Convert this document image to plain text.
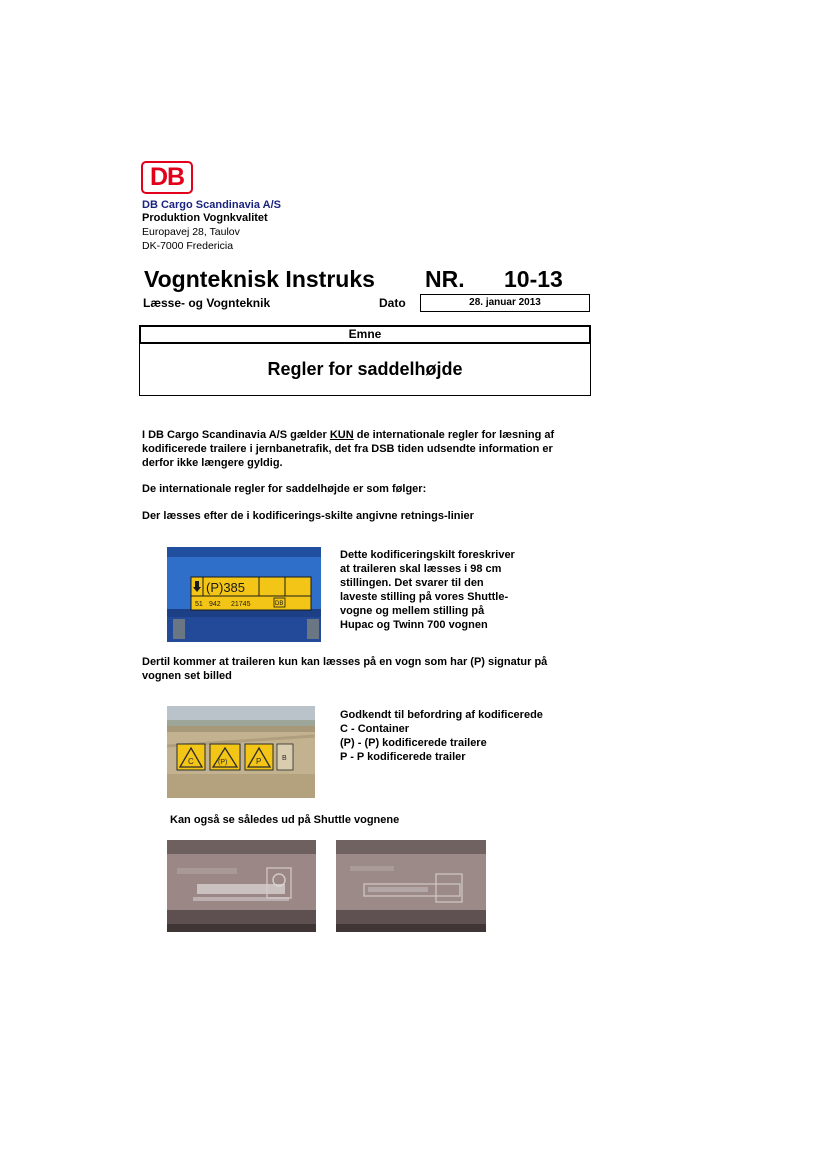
DB
DB Cargo Scandinavia A/S
Produktion Vognkvalitet
Europavej 28, Taulov
DK-7000 Fredericia
Vognteknisk Instruks NR. 10-13
Læsse- og Vognteknik	Dato	28. januar 2013
Emne
Regler for saddelhøjde
I DB Cargo Scandinavia A/S gælder KUN de internationale regler for læsning af kodificerede trailere i jernbanetrafik, det fra DSB tiden udsendte information er derfor ikke længere gyldig.
De internationale regler for saddelhøjde er som følger:
Der læsses efter de i kodificerings-skilte angivne retnings-linier
(P)385
51 942 21745	DB
Dette kodificeringskilt foreskriver
at traileren skal læsses i 98 cm
stillingen. Det svarer til den
laveste stilling på vores Shuttle-
vogne og mellem stilling på
Hupac og Twinn 700 vognen
Dertil kommer at traileren kun kan læsses på en vogn som har (P) signatur på vognen set billed
C	(P)	P	B
Godkendt til befordring af kodificerede
C - Container
(P) - (P) kodificerede trailere
P - P kodificerede trailer
Kan også se således ud på Shuttle vognene
